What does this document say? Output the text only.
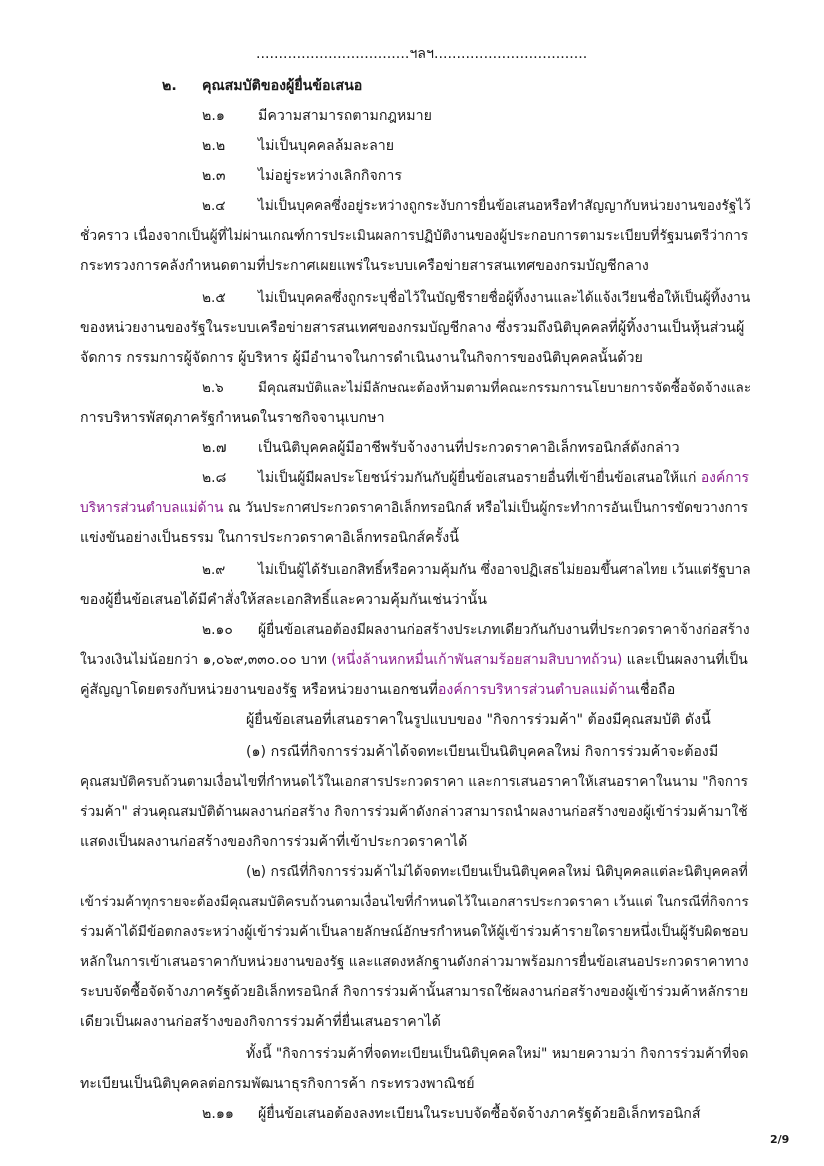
..................................ฯลฯ..................................
๒. คุณสมบัติของผู้ยื่นข้อเสนอ
๒.๑ มีความสามารถตามกฎหมาย
๒.๒ ไม่เป็นบุคคลล้มละลาย
๒.๓ ไม่อยู่ระหว่างเลิกกิจการ
๒.๔ ไม่เป็นบุคคลซึ่งอยู่ระหว่างถูกระงับการยื่นข้อเสนอหรือทำสัญญากับหน่วยงานของรัฐไว้
ชั่วคราว เนื่องจากเป็นผู้ที่ไม่ผ่านเกณฑ์การประเมินผลการปฏิบัติงานของผู้ประกอบการตามระเบียบที่รัฐมนตรีว่าการ
กระทรวงการคลังกำหนดตามที่ประกาศเผยแพร่ในระบบเครือข่ายสารสนเทศของกรมบัญชีกลาง
๒.๕ ไม่เป็นบุคคลซึ่งถูกระบุชื่อไว้ในบัญชีรายชื่อผู้ทิ้งงานและได้แจ้งเวียนชื่อให้เป็นผู้ทิ้งงาน
ของหน่วยงานของรัฐในระบบเครือข่ายสารสนเทศของกรมบัญชีกลาง ซึ่งรวมถึงนิติบุคคลที่ผู้ทิ้งงานเป็นหุ้นส่วนผู้
จัดการ กรรมการผู้จัดการ ผู้บริหาร ผู้มีอำนาจในการดำเนินงานในกิจการของนิติบุคคลนั้นด้วย
๒.๖	มีคุณสมบัติและไม่มีลักษณะต้องห้ามตามที่คณะกรรมการนโยบายการจัดซื้อจัดจ้างและ
การบริหารพัสดุภาครัฐกำหนดในราชกิจจานุเบกษา
๒.๗ เป็นนิติบุคคลผู้มีอาชีพรับจ้างงานที่ประกวดราคาอิเล็กทรอนิกส์ดังกล่าว
๒.๘ ไม่เป็นผู้มีผลประโยชน์ร่วมกันกับผู้ยื่นข้อเสนอรายอื่นที่เข้ายื่นข้อเสนอให้แก่ องค์การ
บริหารส่วนตำบลแม่ด้าน ณ วันประกาศประกวดราคาอิเล็กทรอนิกส์ หรือไม่เป็นผู้กระทำการอันเป็นการขัดขวางการ
แข่งขันอย่างเป็นธรรม ในการประกวดราคาอิเล็กทรอนิกส์ครั้งนี้
๒.๙ ไม่เป็นผู้ได้รับเอกสิทธิ์หรือความคุ้มกัน ซึ่งอาจปฏิเสธไม่ยอมขึ้นศาลไทย เว้นแต่รัฐบาล
ของผู้ยื่นข้อเสนอได้มีคำสั่งให้สละเอกสิทธิ์และความคุ้มกันเช่นว่านั้น
๒.๑๐ ผู้ยื่นข้อเสนอต้องมีผลงานก่อสร้างประเภทเดียวกันกับงานที่ประกวดราคาจ้างก่อสร้าง
ในวงเงินไม่น้อยกว่า ๑,๐๖๙,๓๓๐.๐๐ บาท (หนึ่งล้านหกหมื่นเก้าพันสามร้อยสามสิบบาทถ้วน) และเป็นผลงานที่เป็น
คู่สัญญาโดยตรงกับหน่วยงานของรัฐ หรือหน่วยงานเอกชนที่องค์การบริหารส่วนตำบลแม่ด้านเชื่อถือ
ผู้ยื่นข้อเสนอที่เสนอราคาในรูปแบบของ "กิจการร่วมค้า" ต้องมีคุณสมบัติ ดังนี้
(๑) กรณีที่กิจการร่วมค้าได้จดทะเบียนเป็นนิติบุคคลใหม่ กิจการร่วมค้าจะต้องมี
คุณสมบัติครบถ้วนตามเงื่อนไขที่กำหนดไว้ในเอกสารประกวดราคา และการเสนอราคาให้เสนอราคาในนาม "กิจการ
ร่วมค้า" ส่วนคุณสมบัติด้านผลงานก่อสร้าง กิจการร่วมค้าดังกล่าวสามารถนำผลงานก่อสร้างของผู้เข้าร่วมค้ามาใช้
แสดงเป็นผลงานก่อสร้างของกิจการร่วมค้าที่เข้าประกวดราคาได้
(๒) กรณีที่กิจการร่วมค้าไม่ได้จดทะเบียนเป็นนิติบุคคลใหม่ นิติบุคคลแต่ละนิติบุคคลที่
เข้าร่วมค้าทุกรายจะต้องมีคุณสมบัติครบถ้วนตามเงื่อนไขที่กำหนดไว้ในเอกสารประกวดราคา เว้นแต่ ในกรณีที่กิจการ
ร่วมค้าได้มีข้อตกลงระหว่างผู้เข้าร่วมค้าเป็นลายลักษณ์อักษรกำหนดให้ผู้เข้าร่วมค้ารายใดรายหนึ่งเป็นผู้รับผิดชอบ
หลักในการเข้าเสนอราคากับหน่วยงานของรัฐ และแสดงหลักฐานดังกล่าวมาพร้อมการยื่นข้อเสนอประกวดราคาทาง
ระบบจัดซื้อจัดจ้างภาครัฐด้วยอิเล็กทรอนิกส์ กิจการร่วมค้านั้นสามารถใช้ผลงานก่อสร้างของผู้เข้าร่วมค้าหลักราย
เดียวเป็นผลงานก่อสร้างของกิจการร่วมค้าที่ยื่นเสนอราคาได้
ทั้งนี้ "กิจการร่วมค้าที่จดทะเบียนเป็นนิติบุคคลใหม่" หมายความว่า กิจการร่วมค้าที่จด
ทะเบียนเป็นนิติบุคคลต่อกรมพัฒนาธุรกิจการค้า กระทรวงพาณิชย์
๒.๑๑ ผู้ยื่นข้อเสนอต้องลงทะเบียนในระบบจัดซื้อจัดจ้างภาครัฐด้วยอิเล็กทรอนิกส์
2/9
